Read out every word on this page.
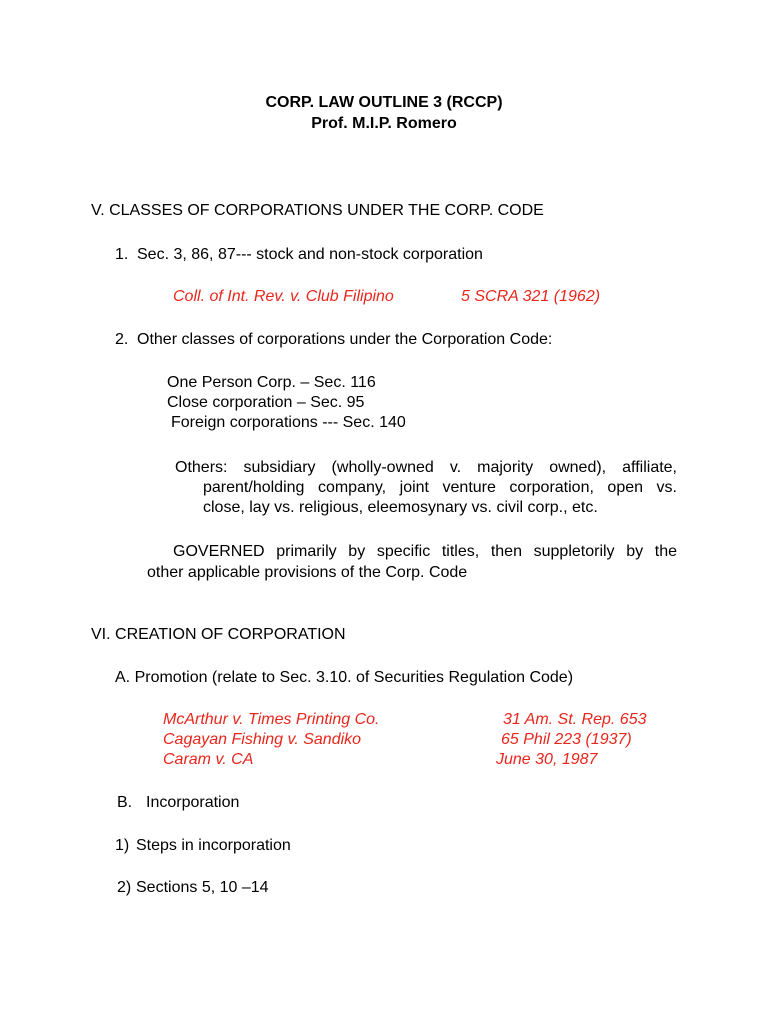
CORP. LAW OUTLINE 3 (RCCP)
Prof. M.I.P. Romero
V. CLASSES OF CORPORATIONS UNDER THE CORP. CODE
1. Sec. 3, 86, 87--- stock and non-stock corporation
Coll. of Int. Rev. v. Club Filipino	5 SCRA 321 (1962)
2. Other classes of corporations under the Corporation Code:
One Person Corp. – Sec. 116
Close corporation – Sec. 95
Foreign corporations --- Sec. 140
Others: subsidiary (wholly-owned v. majority owned), affiliate,
parent/holding company, joint venture corporation, open vs.
close, lay vs. religious, eleemosynary vs. civil corp., etc.
GOVERNED primarily by specific titles, then suppletorily by the
other applicable provisions of the Corp. Code
VI. CREATION OF CORPORATION
A. Promotion (relate to Sec. 3.10. of Securities Regulation Code)
McArthur v. Times Printing Co.	31 Am. St. Rep. 653
Cagayan Fishing v. Sandiko	65 Phil 223 (1937)
Caram v. CA	June 30, 1987
B. Incorporation
1) Steps in incorporation
2) Sections 5, 10 –14
